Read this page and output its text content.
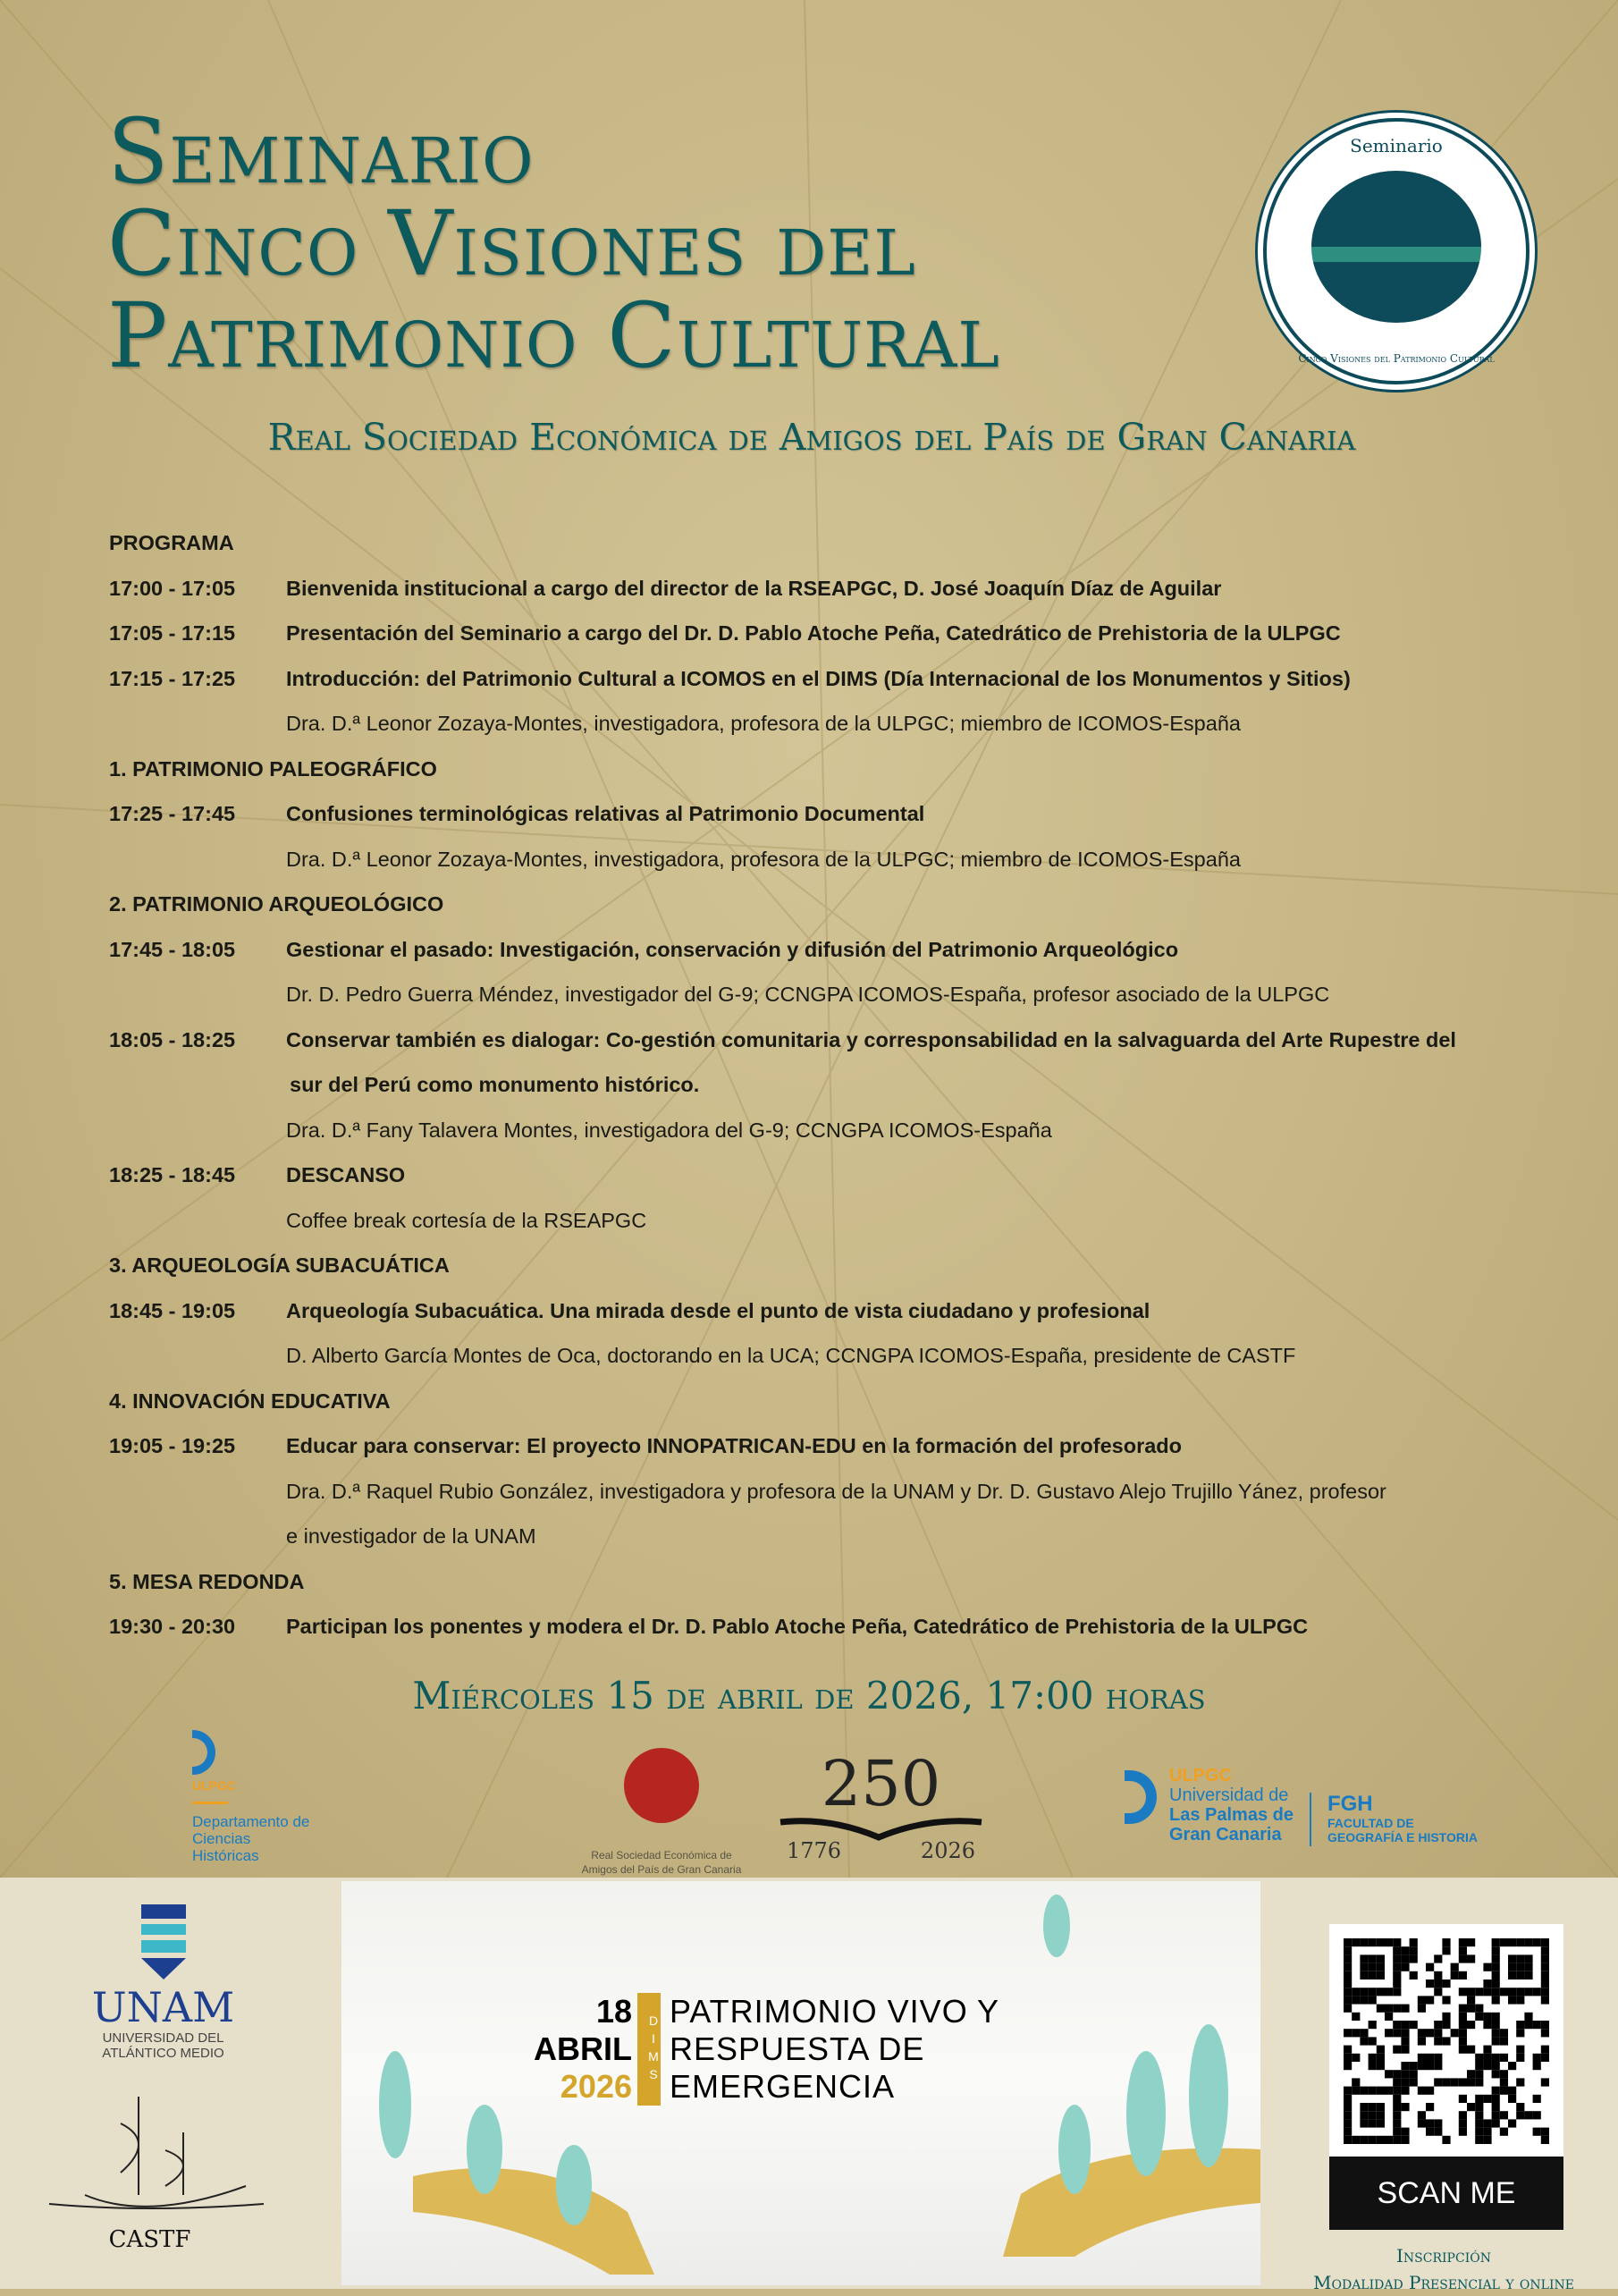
Seminario
Cinco Visiones del
Patrimonio Cultural
Seminario
Cinco Visiones del Patrimonio Cultural
Real Sociedad Económica de Amigos del País de Gran Canaria
PROGRAMA
17:00 - 17:05	Bienvenida institucional a cargo del director de la RSEAPGC, D. José Joaquín Díaz de Aguilar
17:05 - 17:15	Presentación del Seminario a cargo del Dr. D. Pablo Atoche Peña, Catedrático de Prehistoria de la ULPGC
17:15 - 17:25	Introducción: del Patrimonio Cultural a ICOMOS en el DIMS (Día Internacional de los Monumentos y Sitios)
Dra. D.ª Leonor Zozaya-Montes, investigadora, profesora de la ULPGC; miembro de ICOMOS-España
1. PATRIMONIO PALEOGRÁFICO
17:25 - 17:45	Confusiones terminológicas relativas al Patrimonio Documental
Dra. D.ª Leonor Zozaya-Montes, investigadora, profesora de la ULPGC; miembro de ICOMOS-España
2. PATRIMONIO ARQUEOLÓGICO
17:45 - 18:05	Gestionar el pasado: Investigación, conservación y difusión del Patrimonio Arqueológico
Dr. D. Pedro Guerra Méndez, investigador del G-9; CCNGPA ICOMOS-España, profesor asociado de la ULPGC
18:05 - 18:25	Conservar también es dialogar: Co-gestión comunitaria y corresponsabilidad en la salvaguarda del Arte Rupestre del
sur del Perú como monumento histórico.
Dra. D.ª Fany Talavera Montes, investigadora del G-9; CCNGPA ICOMOS-España
18:25 - 18:45	DESCANSO
Coffee break cortesía de la RSEAPGC
3. ARQUEOLOGÍA SUBACUÁTICA
18:45 - 19:05	Arqueología Subacuática. Una mirada desde el punto de vista ciudadano y profesional
D. Alberto García Montes de Oca, doctorando en la UCA; CCNGPA ICOMOS-España, presidente de CASTF
4. INNOVACIÓN EDUCATIVA
19:05 - 19:25	Educar para conservar: El proyecto INNOPATRICAN-EDU en la formación del profesorado
Dra. D.ª Raquel Rubio González, investigadora y profesora de la UNAM y Dr. D. Gustavo Alejo Trujillo Yánez, profesor
e investigador de la UNAM
5. MESA REDONDA
19:30 - 20:30	Participan los ponentes y modera el Dr. D. Pablo Atoche Peña, Catedrático de Prehistoria de la ULPGC
Miércoles 15 de abril de 2026, 17:00 horas
ULPGC
Departamento de
Ciencias
Históricas	Real Sociedad Económica de
Amigos del País de Gran Canaria
250
1776	2026
ULPGC
Universidad de
Las Palmas de
Gran Canaria
FGH
FACULTAD DE
GEOGRAFÍA E HISTORIA
UNAM
UNIVERSIDAD DEL
ATLÁNTICO MEDIO
CASTF
18
ABRIL
2026
DIMS
PATRIMONIO VIVO Y
RESPUESTA DE
EMERGENCIA
SCAN ME
Inscripción
Modalidad Presencial y online
